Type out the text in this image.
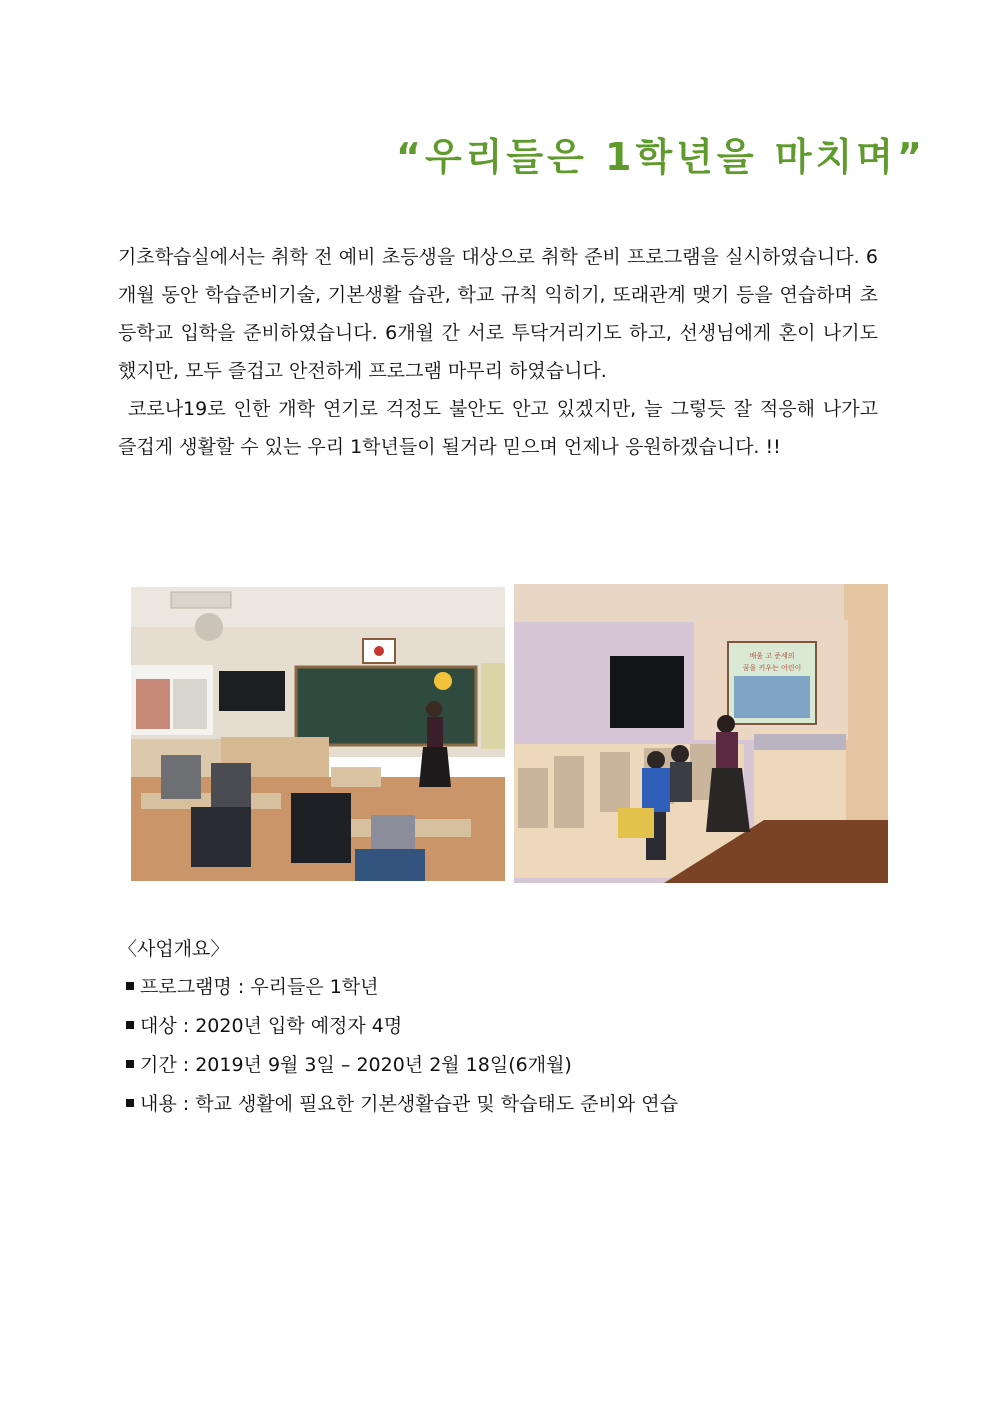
“우리들은 1학년을 마치며”

기초학습실에서는 취학 전 예비 초등생을 대상으로 취학 준비 프로그램을 실시하였습니다. 6개월 동안 학습준비기술, 기본생활 습관, 학교 규칙 익히기, 또래관계 맺기 등을 연습하며 초등학교 입학을 준비하였습니다. 6개월 간 서로 투닥거리기도 하고, 선생님에게 혼이 나기도 했지만, 모두 즐겁고 안전하게 프로그램 마무리 하였습니다.

코로나19로 인한 개학 연기로 걱정도 불안도 안고 있겠지만, 늘 그렇듯 잘 적응해 나가고 즐겁게 생활할 수 있는 우리 1학년들이 될거라 믿으며 언제나 응원하겠습니다. !!

배움 고 준세의
꿈을 키우는 어린이
〈사업개요〉
프로그램명 : 우리들은 1학년
대상 : 2020년 입학 예정자 4명
기간 : 2019년 9월 3일 – 2020년 2월 18일(6개월)
내용 : 학교 생활에 필요한 기본생활습관 및 학습태도 준비와 연습
